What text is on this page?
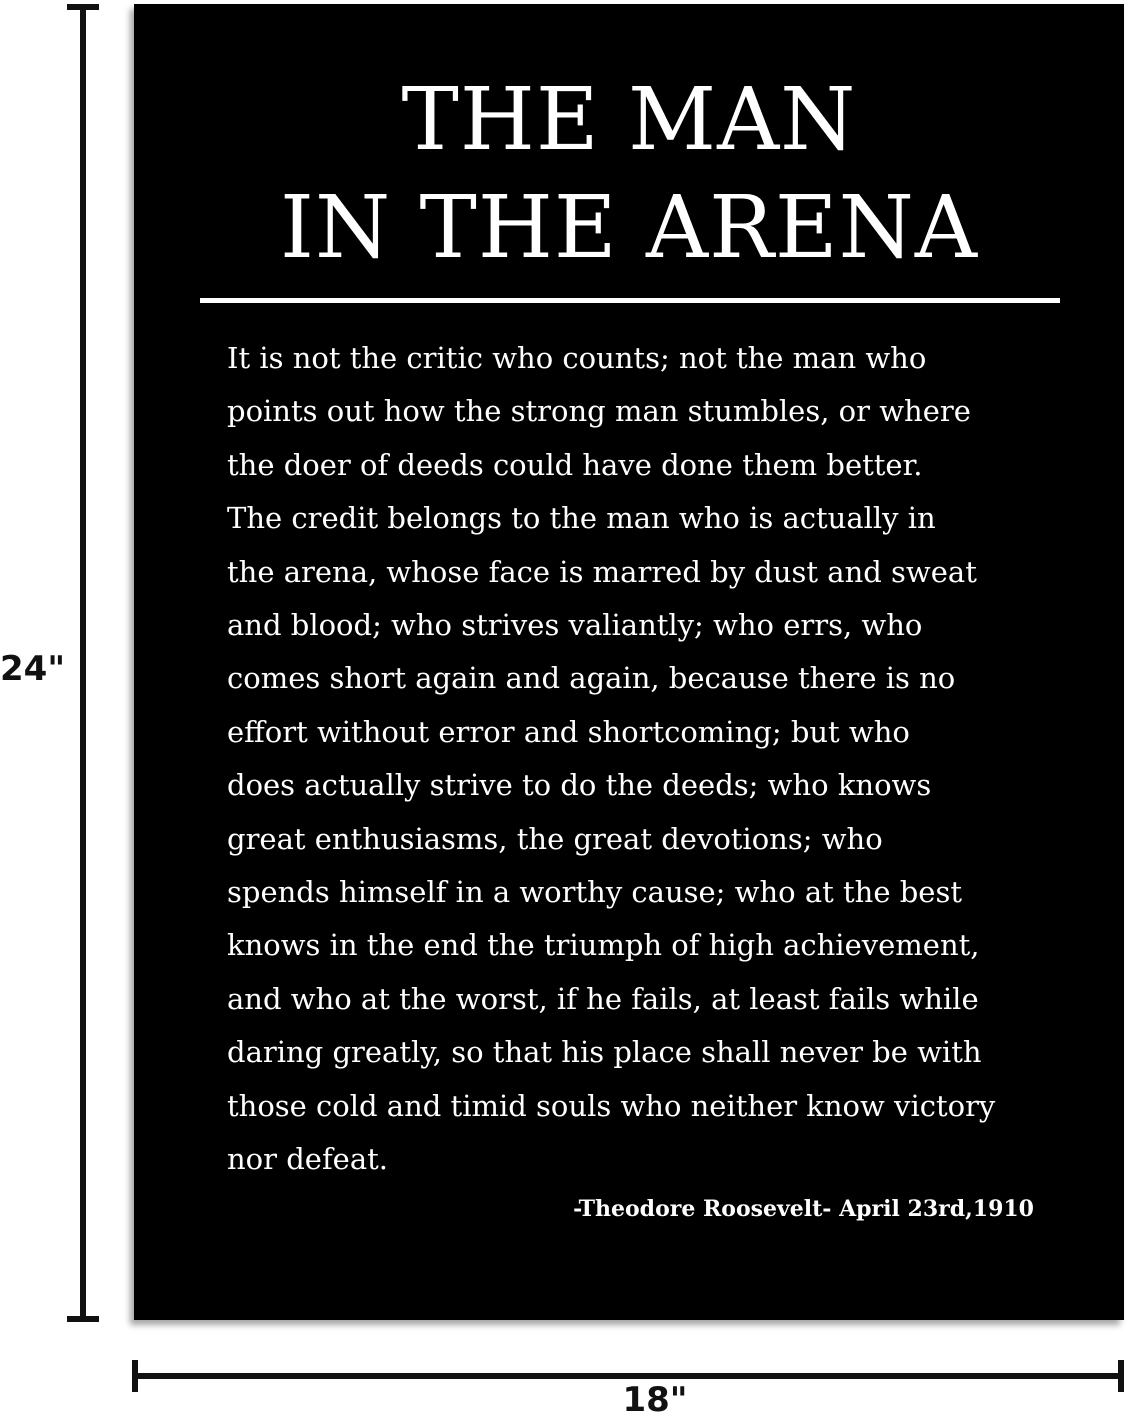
24"
THE MAN
IN THE ARENA
It is not the critic who counts; not the man who
points out how the strong man stumbles, or where
the doer of deeds could have done them better.
The credit belongs to the man who is actually in
the arena, whose face is marred by dust and sweat
and blood; who strives valiantly; who errs, who
comes short again and again, because there is no
effort without error and shortcoming; but who
does actually strive to do the deeds; who knows
great enthusiasms, the great devotions; who
spends himself in a worthy cause; who at the best
knows in the end the triumph of high achievement,
and who at the worst, if he fails, at least fails while
daring greatly, so that his place shall never be with
those cold and timid souls who neither know victory
nor defeat.
-Theodore Roosevelt- April 23rd,1910
18"
